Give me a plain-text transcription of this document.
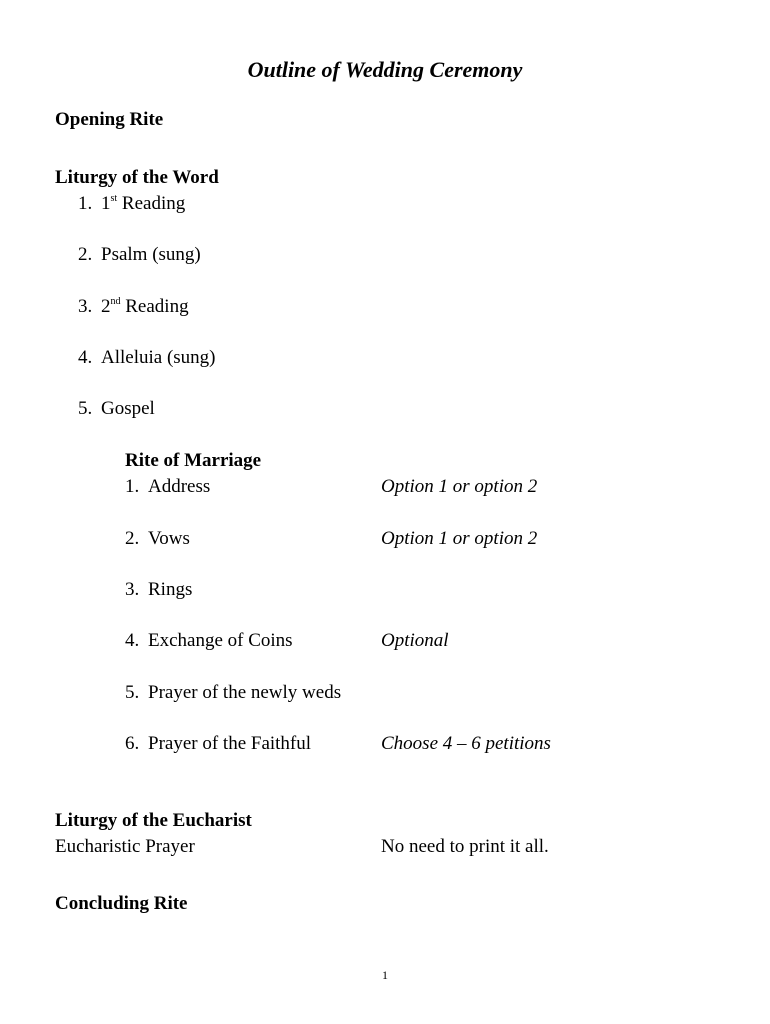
Outline of Wedding Ceremony
Opening Rite
Liturgy of the Word
1. 1st Reading
2. Psalm (sung)
3. 2nd Reading
4. Alleluia (sung)
5. Gospel
Rite of Marriage
1. Address	Option 1 or option 2
2. Vows	Option 1 or option 2
3. Rings
4. Exchange of Coins	Optional
5. Prayer of the newly weds
6. Prayer of the Faithful	Choose 4 – 6 petitions
Liturgy of the Eucharist
Eucharistic Prayer	No need to print it all.
Concluding Rite
1
